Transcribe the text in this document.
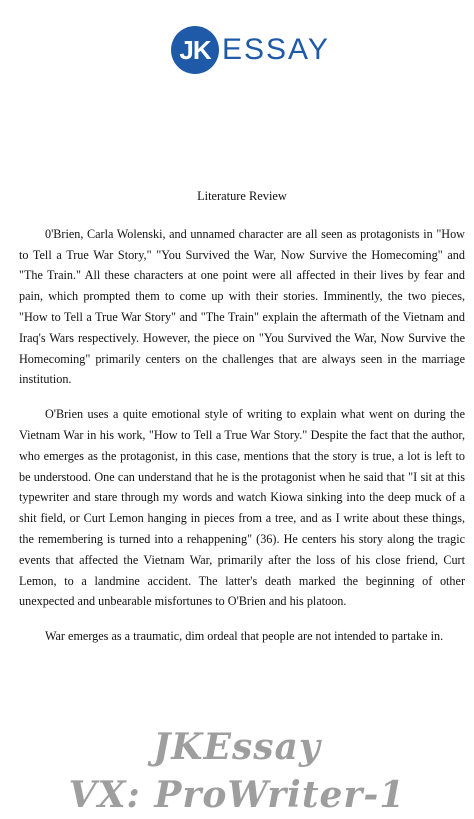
JK ESSAY
Literature Review

0'Brien, Carla Wolenski, and unnamed character are all seen as protagonists in "How to Tell a True War Story," "You Survived the War, Now Survive the Homecoming" and "The Train." All these characters at one point were all affected in their lives by fear and pain, which prompted them to come up with their stories. Imminently, the two pieces, "How to Tell a True War Story" and "The Train" explain the aftermath of the Vietnam and Iraq's Wars respectively. However, the piece on "You Survived the War, Now Survive the Homecoming" primarily centers on the challenges that are always seen in the marriage institution.

O'Brien uses a quite emotional style of writing to explain what went on during the Vietnam War in his work, "How to Tell a True War Story." Despite the fact that the author, who emerges as the protagonist, in this case, mentions that the story is true, a lot is left to be understood. One can understand that he is the protagonist when he said that "I sit at this typewriter and stare through my words and watch Kiowa sinking into the deep muck of a shit field, or Curt Lemon hanging in pieces from a tree, and as I write about these things, the remembering is turned into a rehappening" (36). He centers his story along the tragic events that affected the Vietnam War, primarily after the loss of his close friend, Curt Lemon, to a landmine accident. The latter's death marked the beginning of other unexpected and unbearable misfortunes to O'Brien and his platoon.

War emerges as a traumatic, dim ordeal that people are not intended to partake in.

JKEssay
VX: ProWriter-1
